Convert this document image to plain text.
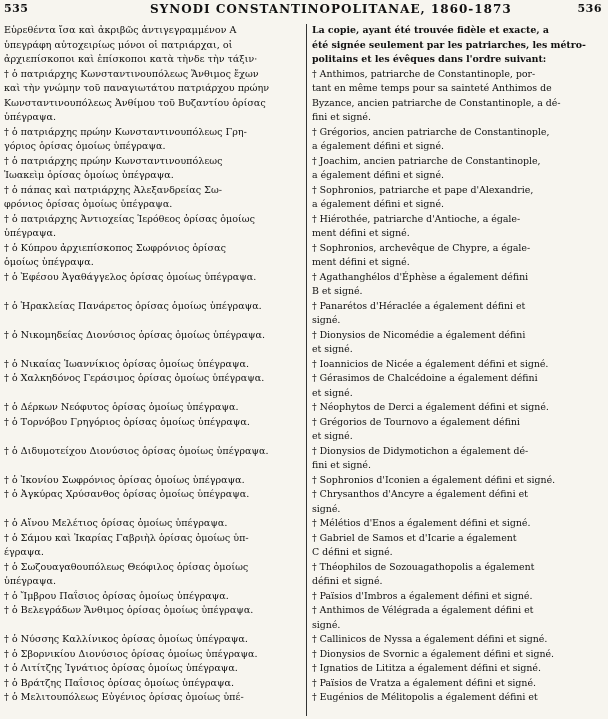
535	SYNODI CONSTANTINOPOLITANAE, 1860-1873	536
Εὑρεθέντα ἴσα καὶ ἀκριβῶς ἀντιγεγραμμένον A
ὑπεγράφη αὐτοχειρίως μόνοι οἱ πατριάρχαι, οἱ
ἀρχιεπίσκοποι καὶ ἐπίσκοποι κατὰ τὴνδε τὴν τάξιν·
† ὁ πατριάρχης Κωνσταντινουπόλεως Ἄνθιμος ἔχων
καὶ τὴν γνώμην τοῦ παναγιωτάτου πατριάρχου πρώην
Κωνσταντινουπόλεως Ἀνθίμου τοῦ Βυζαντίου ὁρίσας
ὑπέγραψα.
† ὁ πατριάρχης πρώην Κωνσταντινουπόλεως Γρη-
γόριος ὁρίσας ὁμοίως ὑπέγραψα.
† ὁ πατριάρχης πρώην Κωνσταντινουπόλεως
Ἰωακεὶμ ὁρίσας ὁμοίως ὑπέγραψα.
† ὁ πάπας καὶ πατριάρχης Ἀλεξανδρείας Σω-
φρόνιος ὁρίσας ὁμοίως ὑπέγραψα.
† ὁ πατριάρχης Ἀντιοχείας Ἱερόθεος ὁρίσας ὁμοίως
ὑπέγραψα.
† ὁ Κύπρου ἀρχιεπίσκοπος Σωφρόνιος ὁρίσας
ὁμοίως ὑπέγραψα.
† ὁ Ἐφέσου Ἀγαθάγγελος ὁρίσας ὁμοίως ὑπέγραψα.
† ὁ Ἡρακλείας Πανάρετος ὁρίσας ὁμοίως ὑπέγραψα.
† ὁ Νικομηδείας Διονύσιος ὁρίσας ὁμοίως ὑπέγραψα.
† ὁ Νικαίας Ἰωαννίκιος ὁρίσας ὁμοίως ὑπέγραψα.
† ὁ Χαλκηδόνος Γεράσιμος ὁρίσας ὁμοίως ὑπέγραψα.
† ὁ Δέρκων Νεόφυτος ὁρίσας ὁμοίως ὑπέγραψα.
† ὁ Τορνόβου Γρηγόριος ὁρίσας ὁμοίως ὑπέγραψα.
† ὁ Διδυμοτείχου Διονύσιος ὁρίσας ὁμοίως ὑπέγραψα.
† ὁ Ἰκονίου Σωφρόνιος ὁρίσας ὁμοίως ὑπέγραψα.
† ὁ Ἀγκύρας Χρύσανθος ὁρίσας ὁμοίως ὑπέγραψα.
† ὁ Αἴνου Μελέτιος ὁρίσας ὁμοίως ὑπέγραψα.
† ὁ Σάμου καὶ Ἰκαρίας Γαβριὴλ ὁρίσας ὁμοίως ὑπ-
έγραψα.
† ὁ Σωζουαγαθουπόλεως Θεόφιλος ὁρίσας ὁμοίως
ὑπέγραψα.
† ὁ Ἴμβρου Παΐσιος ὁρίσας ὁμοίως ὑπέγραψα.
† ὁ Βελεγράδων Ἄνθιμος ὁρίσας ὁμοίως ὑπέγραψα.
† ὁ Νύσσης Καλλίνικος ὁρίσας ὁμοίως ὑπέγραψα.
† ὁ Σβορνικίου Διονύσιος ὁρίσας ὁμοίως ὑπέγραψα.
† ὁ Λιτίτζης Ἰγνάτιος ὁρίσας ὁμοίως ὑπέγραψα.
† ὁ Βράτζης Παΐσιος ὁρίσας ὁμοίως ὑπέγραψα.
† ὁ Μελιτουπόλεως Εὐγένιος ὁρίσας ὁμοίως ὑπέ-
La copie, ayant été trouvée fidèle et exacte, a
été signée seulement par les patriarches, les métro-
politains et les évêques dans l'ordre suivant:
† Anthimos, patriarche de Constantinople, por-
tant en même temps pour sa sainteté Anthimos de
Byzance, ancien patriarche de Constantinople, a dé-
fini et signé.
† Grégorios, ancien patriarche de Constantinople,
a également défini et signé.
† Joachim, ancien patriarche de Constantinople,
a également défini et signé.
† Sophronios, patriarche et pape d'Alexandrie,
a également défini et signé.
† Hiérothée, patriarche d'Antioche, a égale-
ment défini et signé.
† Sophronios, archevêque de Chypre, a égale-
ment défini et signé.
† Agathanghélos d'Éphèse a également défini
B et signé.
† Panarétos d'Héraclée a également défini et
signé.
† Dionysios de Nicomédie a également défini
et signé.
† Ioannicios de Nicée a également défini et signé.
† Gérasimos de Chalcédoine a également défini
et signé.
† Néophytos de Derci a également défini et signé.
† Grégorios de Tournovo a également défini
et signé.
† Dionysios de Didymotichon a également dé-
fini et signé.
† Sophronios d'Iconien a également défini et signé.
† Chrysanthos d'Ancyre a également défini et
signé.
† Mélétios d'Enos a également défini et signé.
† Gabriel de Samos et d'Icarie a également
C défini et signé.
† Théophilos de Sozouagathopolis a également
défini et signé.
† Païsios d'Imbros a également défini et signé.
† Anthimos de Vélégrada a également défini et
signé.
† Callinicos de Nyssa a également défini et signé.
† Dionysios de Svornic a également défini et signé.
† Ignatios de Lititza a également défini et signé.
† Païsios de Vratza a également défini et signé.
† Eugénios de Mélitopolis a également défini et
